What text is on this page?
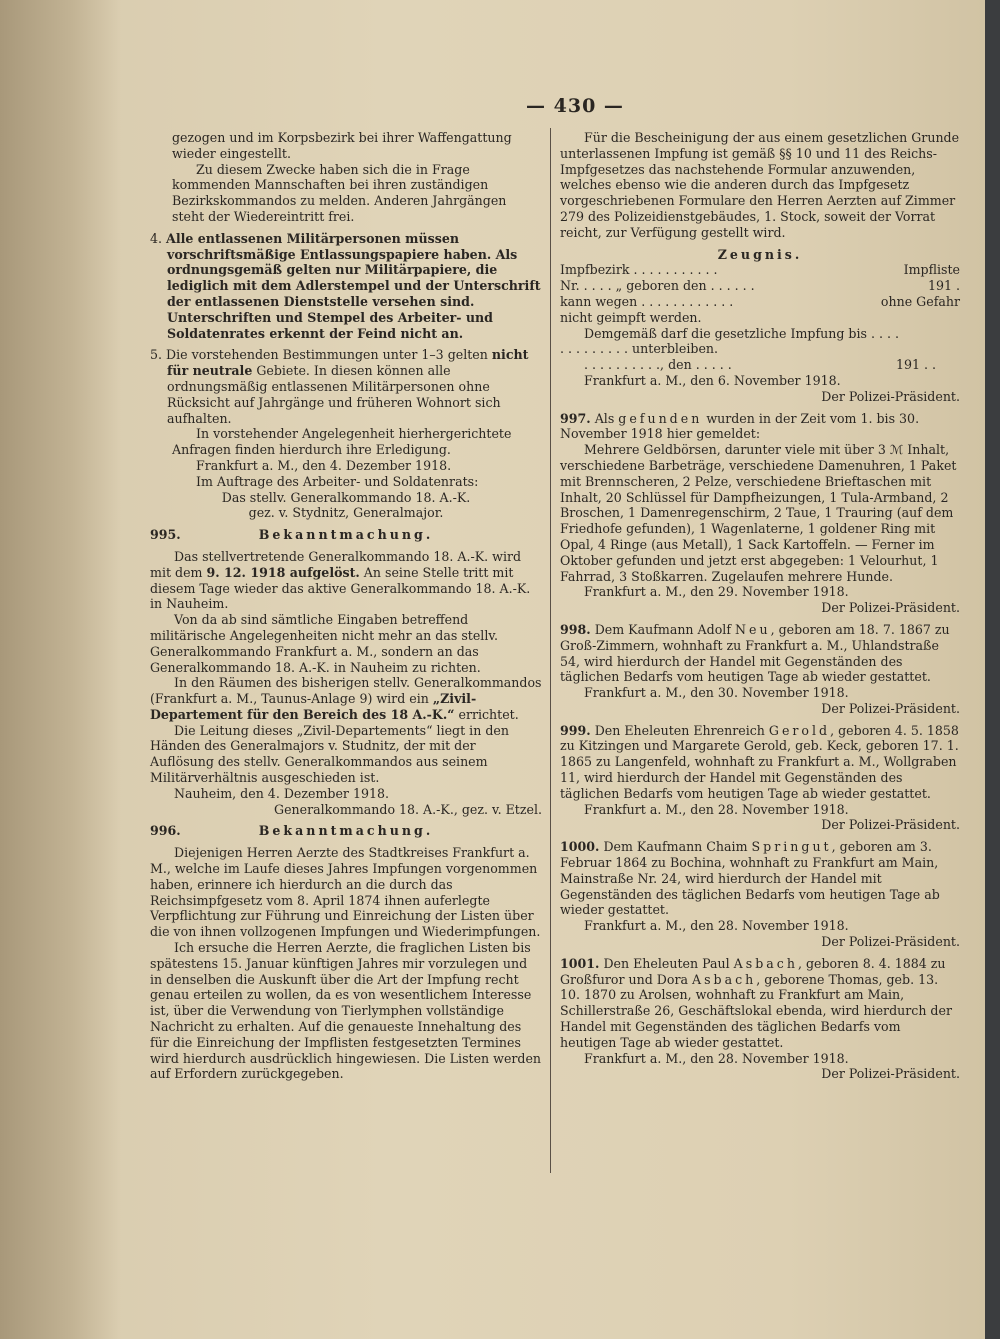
— 430 —

gezogen und im Korpsbezirk bei ihrer Waffengattung wieder eingestellt.

Zu diesem Zwecke haben sich die in Frage kommenden Mannschaften bei ihren zuständigen Bezirkskommandos zu melden. Anderen Jahrgängen steht der Wiedereintritt frei.

4. Alle entlassenen Militärpersonen müssen vorschriftsmäßige Entlassungspapiere haben. Als ordnungsgemäß gelten nur Militärpapiere, die lediglich mit dem Adlerstempel und der Unterschrift der entlassenen Dienststelle versehen sind. Unterschriften und Stempel des Arbeiter- und Soldatenrates erkennt der Feind nicht an.

5. Die vorstehenden Bestimmungen unter 1–3 gelten nicht für neutrale Gebiete. In diesen können alle ordnungsmäßig entlassenen Militärpersonen ohne Rücksicht auf Jahrgänge und früheren Wohnort sich aufhalten.

In vorstehender Angelegenheit hierhergerichtete Anfragen finden hierdurch ihre Erledigung.

Frankfurt a. M., den 4. Dezember 1918.

Im Auftrage des Arbeiter- und Soldatenrats:

Das stellv. Generalkommando 18. A.-K.

gez. v. Stydnitz, Generalmajor.

995.	Bekanntmachung.

Das stellvertretende Generalkommando 18. A.-K. wird mit dem 9. 12. 1918 aufgelöst. An seine Stelle tritt mit diesem Tage wieder das aktive Generalkommando 18. A.-K. in Nauheim.

Von da ab sind sämtliche Eingaben betreffend militärische Angelegenheiten nicht mehr an das stellv. Generalkommando Frankfurt a. M., sondern an das Generalkommando 18. A.-K. in Nauheim zu richten.

In den Räumen des bisherigen stellv. Generalkommandos (Frankfurt a. M., Taunus-Anlage 9) wird ein „Zivil-Departement für den Bereich des 18 A.-K.“ errichtet.

Die Leitung dieses „Zivil-Departements“ liegt in den Händen des Generalmajors v. Studnitz, der mit der Auflösung des stellv. Generalkommandos aus seinem Militärverhältnis ausgeschieden ist.

Nauheim, den 4. Dezember 1918.

Generalkommando 18. A.-K., gez. v. Etzel.

996.	Bekanntmachung.

Diejenigen Herren Aerzte des Stadtkreises Frankfurt a. M., welche im Laufe dieses Jahres Impfungen vorgenommen haben, erinnere ich hierdurch an die durch das Reichsimpfgesetz vom 8. April 1874 ihnen auferlegte Verpflichtung zur Führung und Einreichung der Listen über die von ihnen vollzogenen Impfungen und Wiederimpfungen.

Ich ersuche die Herren Aerzte, die fraglichen Listen bis spätestens 15. Januar künftigen Jahres mir vorzulegen und in denselben die Auskunft über die Art der Impfung recht genau erteilen zu wollen, da es von wesentlichem Interesse ist, über die Verwendung von Tierlymphen vollständige Nachricht zu erhalten. Auf die genaueste Innehaltung des für die Einreichung der Impflisten festgesetzten Termines wird hierdurch ausdrücklich hingewiesen. Die Listen werden auf Erfordern zurückgegeben.

Für die Bescheinigung der aus einem gesetzlichen Grunde unterlassenen Impfung ist gemäß §§ 10 und 11 des Reichs-Impfgesetzes das nachstehende Formular anzuwenden, welches ebenso wie die anderen durch das Impfgesetz vorgeschriebenen Formulare den Herren Aerzten auf Zimmer 279 des Polizeidienstgebäudes, 1. Stock, soweit der Vorrat reicht, zur Verfügung gestellt wird.

Zeugnis.

Impfbezirk . . . . . . . . . . .	Impfliste

Nr. . . . . „ geboren den . . . . . .	191 .

kann wegen . . . . . . . . . . . .	ohne Gefahr

nicht geimpft werden.

Demgemäß darf die gesetzliche Impfung bis . . . .

. . . . . . . . . unterbleiben.

. . . . . . . . . ., den . . . . .	191 . .

Frankfurt a. M., den 6. November 1918.

Der Polizei-Präsident.

997. Als gefunden wurden in der Zeit vom 1. bis 30. November 1918 hier gemeldet:

Mehrere Geldbörsen, darunter viele mit über 3 ℳ Inhalt, verschiedene Barbeträge, verschiedene Damenuhren, 1 Paket mit Brennscheren, 2 Pelze, verschiedene Brieftaschen mit Inhalt, 20 Schlüssel für Dampfheizungen, 1 Tula-Armband, 2 Broschen, 1 Damenregenschirm, 2 Taue, 1 Trauring (auf dem Friedhofe gefunden), 1 Wagenlaterne, 1 goldener Ring mit Opal, 4 Ringe (aus Metall), 1 Sack Kartoffeln. — Ferner im Oktober gefunden und jetzt erst abgegeben: 1 Velourhut, 1 Fahrrad, 3 Stoßkarren. Zugelaufen mehrere Hunde.

Frankfurt a. M., den 29. November 1918.

Der Polizei-Präsident.

998. Dem Kaufmann Adolf Neu, geboren am 18. 7. 1867 zu Groß-Zimmern, wohnhaft zu Frankfurt a. M., Uhlandstraße 54, wird hierdurch der Handel mit Gegenständen des täglichen Bedarfs vom heutigen Tage ab wieder gestattet.

Frankfurt a. M., den 30. November 1918.

Der Polizei-Präsident.

999. Den Eheleuten Ehrenreich Gerold, geboren 4. 5. 1858 zu Kitzingen und Margarete Gerold, geb. Keck, geboren 17. 1. 1865 zu Langenfeld, wohnhaft zu Frankfurt a. M., Wollgraben 11, wird hierdurch der Handel mit Gegenständen des täglichen Bedarfs vom heutigen Tage ab wieder gestattet.

Frankfurt a. M., den 28. November 1918.

Der Polizei-Präsident.

1000. Dem Kaufmann Chaim Springut, geboren am 3. Februar 1864 zu Bochina, wohnhaft zu Frankfurt am Main, Mainstraße Nr. 24, wird hierdurch der Handel mit Gegenständen des täglichen Bedarfs vom heutigen Tage ab wieder gestattet.

Frankfurt a. M., den 28. November 1918.

Der Polizei-Präsident.

1001. Den Eheleuten Paul Asbach, geboren 8. 4. 1884 zu Großfuror und Dora Asbach, geborene Thomas, geb. 13. 10. 1870 zu Arolsen, wohnhaft zu Frankfurt am Main, Schillerstraße 26, Geschäftslokal ebenda, wird hierdurch der Handel mit Gegenständen des täglichen Bedarfs vom heutigen Tage ab wieder gestattet.

Frankfurt a. M., den 28. November 1918.

Der Polizei-Präsident.
